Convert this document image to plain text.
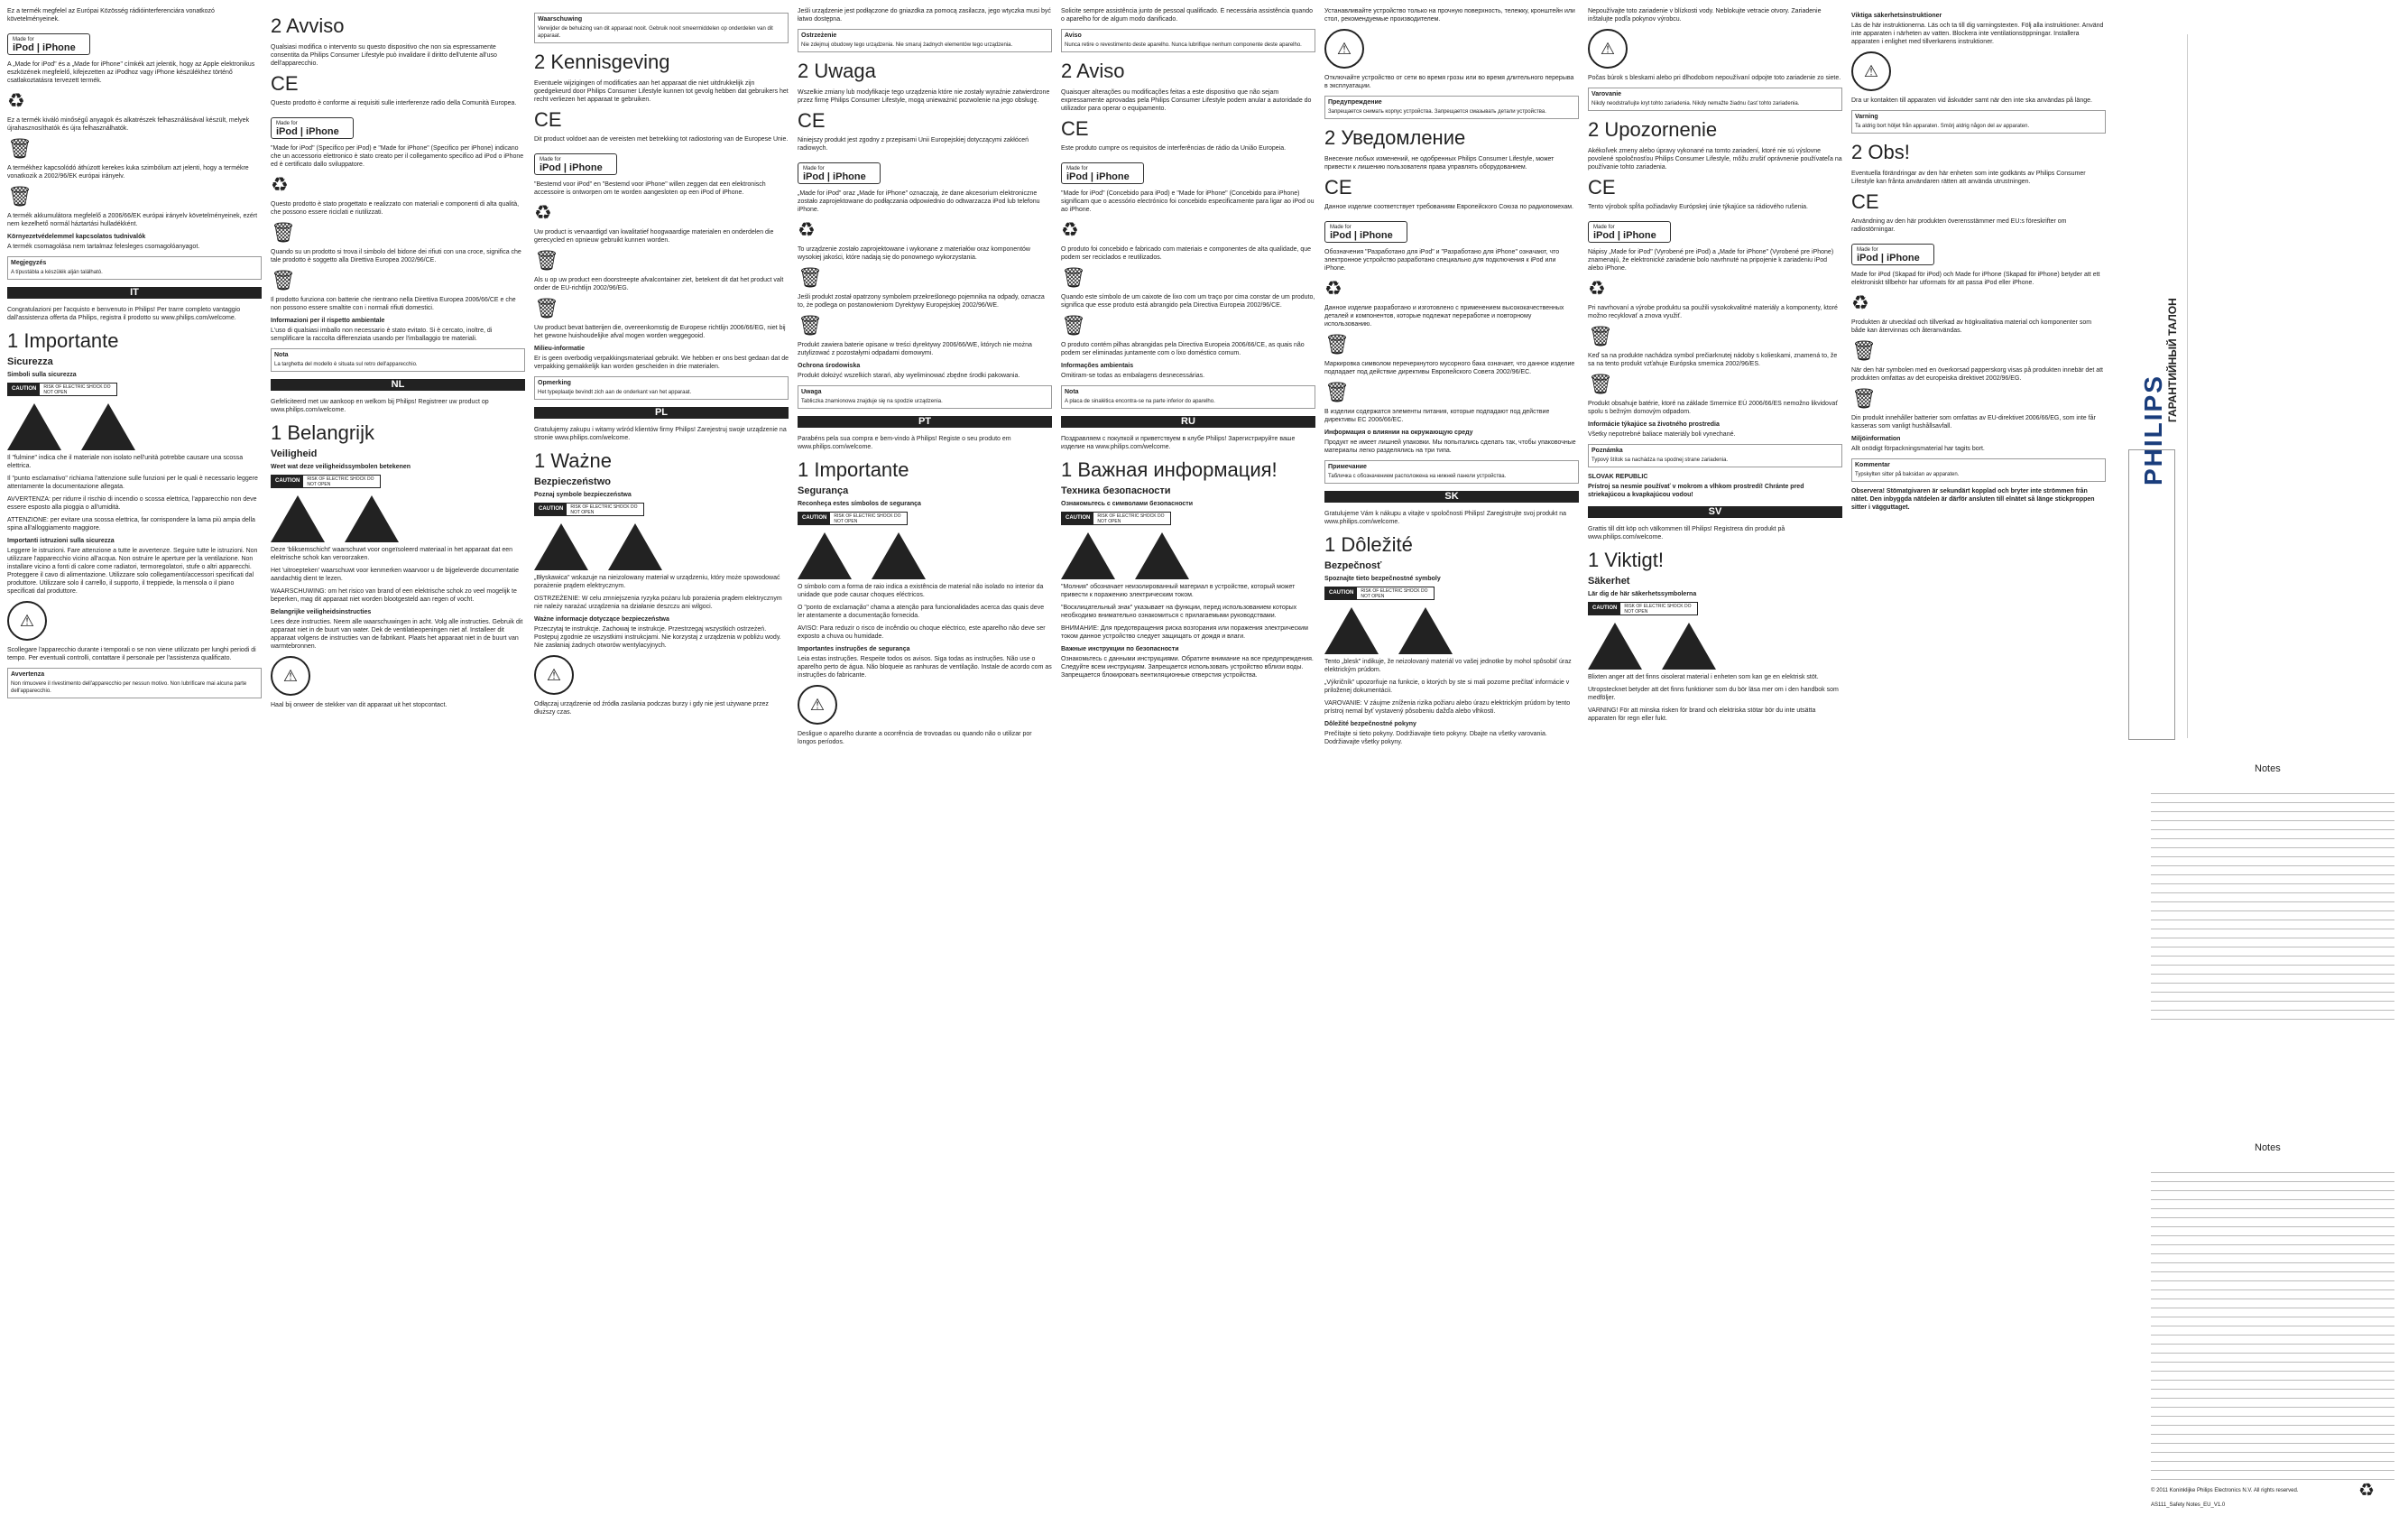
Ez a termék megfelel az Európai Közösség rádióinterferenciára vonatkozó követelményeinek.

Made for
iPod | iPhone

A „Made for iPod" és a „Made for iPhone" címkék azt jelentik, hogy az Apple elektronikus eszközének megfelelő, kifejezetten az iPodhoz vagy iPhone készülékhez történő csatlakoztatásra tervezett termék.

♻

Ez a termék kiváló minőségű anyagok és alkatrészek felhasználásával készült, melyek újrahasznosíthatók és újra felhasználhatók.

🗑

A termékhez kapcsolódó áthúzott kerekes kuka szimbólum azt jelenti, hogy a termékre vonatkozik a 2002/96/EK európai irányelv.

🗑

A termék akkumulátora megfelelő a 2006/66/EK európai irányelv követelményeinek, ezért nem kezelhető normál háztartási hulladékként.

Környezetvédelemmel kapcsolatos tudnivalók

A termék csomagolása nem tartalmaz felesleges csomagolóanyagot.

Megjegyzés
A típustábla a készülék alján található.
IT

Congratulazioni per l'acquisto e benvenuto in Philips! Per trarre completo vantaggio dall'assistenza offerta da Philips, registra il prodotto su www.philips.com/welcome.

1 Importante
Sicurezza
Simboli sulla sicurezza
CAUTION	RISK OF ELECTRIC SHOCK DO NOT OPEN

Il "fulmine" indica che il materiale non isolato nell'unità potrebbe causare una scossa elettrica.

Il "punto esclamativo" richiama l'attenzione sulle funzioni per le quali è necessario leggere attentamente la documentazione allegata.

AVVERTENZA: per ridurre il rischio di incendio o scossa elettrica, l'apparecchio non deve essere esposto alla pioggia o all'umidità.

ATTENZIONE: per evitare una scossa elettrica, far corrispondere la lama più ampia della spina all'alloggiamento maggiore.

Importanti istruzioni sulla sicurezza

Leggere le istruzioni. Fare attenzione a tutte le avvertenze. Seguire tutte le istruzioni. Non utilizzare l'apparecchio vicino all'acqua. Non ostruire le aperture per la ventilazione. Non installare vicino a fonti di calore come radiatori, termoregolatori, stufe o altri apparecchi. Proteggere il cavo di alimentazione. Utilizzare solo collegamenti/accessori specificati dal produttore. Utilizzare solo il carrello, il supporto, il treppiede, la mensola o il piano specificati dal produttore.

⚠

Scollegare l'apparecchio durante i temporali o se non viene utilizzato per lunghi periodi di tempo. Per eventuali controlli, contattare il personale per l'assistenza qualificato.

Avvertenza
Non rimuovere il rivestimento dell'apparecchio per nessun motivo. Non lubrificare mai alcuna parte dell'apparecchio.
2 Avviso

Qualsiasi modifica o intervento su questo dispositivo che non sia espressamente consentita da Philips Consumer Lifestyle può invalidare il diritto dell'utente all'uso dell'apparecchio.

CE

Questo prodotto è conforme ai requisiti sulle interferenze radio della Comunità Europea.

Made for
iPod | iPhone

"Made for iPod" (Specifico per iPod) e "Made for iPhone" (Specifico per iPhone) indicano che un accessorio elettronico è stato creato per il collegamento specifico ad iPod o iPhone ed è certificato dallo sviluppatore.

♻

Questo prodotto è stato progettato e realizzato con materiali e componenti di alta qualità, che possono essere riciclati e riutilizzati.

🗑

Quando su un prodotto si trova il simbolo del bidone dei rifiuti con una croce, significa che tale prodotto è soggetto alla Direttiva Europea 2002/96/CE.

🗑

Il prodotto funziona con batterie che rientrano nella Direttiva Europea 2006/66/CE e che non possono essere smaltite con i normali rifiuti domestici.

Informazioni per il rispetto ambientale

L'uso di qualsiasi imballo non necessario è stato evitato. Si è cercato, inoltre, di semplificare la raccolta differenziata usando per l'imballaggio tre materiali.

Nota
La targhetta del modello è situata sul retro dell'apparecchio.
NL

Gefeliciteerd met uw aankoop en welkom bij Philips! Registreer uw product op www.philips.com/welcome.

1 Belangrijk
Veiligheid
Weet wat deze veiligheidssymbolen betekenen
CAUTION	RISK OF ELECTRIC SHOCK DO NOT OPEN

Deze 'bliksemschicht' waarschuwt voor ongeïsoleerd materiaal in het apparaat dat een elektrische schok kan veroorzaken.

Het 'uitroepteken' waarschuwt voor kenmerken waarvoor u de bijgeleverde documentatie aandachtig dient te lezen.

WAARSCHUWING: om het risico van brand of een elektrische schok zo veel mogelijk te beperken, mag dit apparaat niet worden blootgesteld aan regen of vocht.

Belangrijke veiligheidsinstructies

Lees deze instructies. Neem alle waarschuwingen in acht. Volg alle instructies. Gebruik dit apparaat niet in de buurt van water. Dek de ventilatieopeningen niet af. Installeer dit apparaat volgens de instructies van de fabrikant. Plaats het apparaat niet in de buurt van warmtebronnen.

⚠

Haal bij onweer de stekker van dit apparaat uit het stopcontact.

Waarschuwing
Verwijder de behuizing van dit apparaat nooit. Gebruik nooit smeermiddelen op onderdelen van dit apparaat.
2 Kennisgeving

Eventuele wijzigingen of modificaties aan het apparaat die niet uitdrukkelijk zijn goedgekeurd door Philips Consumer Lifestyle kunnen tot gevolg hebben dat gebruikers het recht verliezen het apparaat te gebruiken.

CE

Dit product voldoet aan de vereisten met betrekking tot radiostoring van de Europese Unie.

Made for
iPod | iPhone

"Bestemd voor iPod" en "Bestemd voor iPhone" willen zeggen dat een elektronisch accessoire is ontworpen om te worden aangesloten op een iPod of iPhone.

♻

Uw product is vervaardigd van kwalitatief hoogwaardige materialen en onderdelen die gerecycled en opnieuw gebruikt kunnen worden.

🗑

Als u op uw product een doorstreepte afvalcontainer ziet, betekent dit dat het product valt onder de EU-richtlijn 2002/96/EG.

🗑

Uw product bevat batterijen die, overeenkomstig de Europese richtlijn 2006/66/EG, niet bij het gewone huishoudelijke afval mogen worden weggegooid.

Milieu-informatie

Er is geen overbodig verpakkingsmateriaal gebruikt. We hebben er ons best gedaan dat de verpakking gemakkelijk kan worden gescheiden in drie materialen.

Opmerking
Het typeplaatje bevindt zich aan de onderkant van het apparaat.
PL

Gratulujemy zakupu i witamy wśród klientów firmy Philips! Zarejestruj swoje urządzenie na stronie www.philips.com/welcome.

1 Ważne
Bezpieczeństwo
Poznaj symbole bezpieczeństwa
CAUTION	RISK OF ELECTRIC SHOCK DO NOT OPEN

„Błyskawica" wskazuje na nieizolowany materiał w urządzeniu, który może spowodować porażenie prądem elektrycznym.

OSTRZEŻENIE: W celu zmniejszenia ryzyka pożaru lub porażenia prądem elektrycznym nie należy narażać urządzenia na działanie deszczu ani wilgoci.

Ważne informacje dotyczące bezpieczeństwa

Przeczytaj te instrukcje. Zachowaj te instrukcje. Przestrzegaj wszystkich ostrzeżeń. Postępuj zgodnie ze wszystkimi instrukcjami. Nie korzystaj z urządzenia w pobliżu wody. Nie zasłaniaj żadnych otworów wentylacyjnych.

⚠

Odłączaj urządzenie od źródła zasilania podczas burzy i gdy nie jest używane przez dłuższy czas.

Jeśli urządzenie jest podłączone do gniazdka za pomocą zasilacza, jego wtyczka musi być łatwo dostępna.

Ostrzeżenie
Nie zdejmuj obudowy tego urządzenia. Nie smaruj żadnych elementów tego urządzenia.
2 Uwaga

Wszelkie zmiany lub modyfikacje tego urządzenia które nie zostały wyraźnie zatwierdzone przez firmę Philips Consumer Lifestyle, mogą unieważnić pozwolenie na jego obsługę.

CE

Niniejszy produkt jest zgodny z przepisami Unii Europejskiej dotyczącymi zakłóceń radiowych.

Made for
iPod | iPhone

„Made for iPod" oraz „Made for iPhone" oznaczają, że dane akcesorium elektroniczne zostało zaprojektowane do podłączania odpowiednio do odtwarzacza iPod lub telefonu iPhone.

♻

To urządzenie zostało zaprojektowane i wykonane z materiałów oraz komponentów wysokiej jakości, które nadają się do ponownego wykorzystania.

🗑

Jeśli produkt został opatrzony symbolem przekreślonego pojemnika na odpady, oznacza to, że podlega on postanowieniom Dyrektywy Europejskiej 2002/96/WE.

🗑

Produkt zawiera baterie opisane w treści dyrektywy 2006/66/WE, których nie można zutylizować z pozostałymi odpadami domowymi.

Ochrona środowiska

Produkt dołożyć wszelkich starań, aby wyeliminować zbędne środki pakowania.

Uwaga
Tabliczka znamionowa znajduje się na spodzie urządzenia.
PT

Parabéns pela sua compra e bem-vindo à Philips! Registe o seu produto em www.philips.com/welcome.

1 Importante
Segurança
Reconheça estes símbolos de segurança
CAUTION	RISK OF ELECTRIC SHOCK DO NOT OPEN

O símbolo com a forma de raio indica a existência de material não isolado no interior da unidade que pode causar choques eléctricos.

O "ponto de exclamação" chama a atenção para funcionalidades acerca das quais deve ler atentamente a documentação fornecida.

AVISO: Para reduzir o risco de incêndio ou choque eléctrico, este aparelho não deve ser exposto a chuva ou humidade.

Importantes instruções de segurança

Leia estas instruções. Respeite todos os avisos. Siga todas as instruções. Não use o aparelho perto de água. Não bloqueie as ranhuras de ventilação. Instale de acordo com as instruções do fabricante.

⚠

Desligue o aparelho durante a ocorrência de trovoadas ou quando não o utilizar por longos períodos.

Solicite sempre assistência junto de pessoal qualificado. É necessária assistência quando o aparelho for de algum modo danificado.

Aviso
Nunca retire o revestimento deste aparelho. Nunca lubrifique nenhum componente deste aparelho.
2 Aviso

Quaisquer alterações ou modificações feitas a este dispositivo que não sejam expressamente aprovadas pela Philips Consumer Lifestyle podem anular a autoridade do utilizador para operar o equipamento.

CE

Este produto cumpre os requisitos de interferências de rádio da União Europeia.

Made for
iPod | iPhone

"Made for iPod" (Concebido para iPod) e "Made for iPhone" (Concebido para iPhone) significam que o acessório electrónico foi concebido especificamente para ligar ao iPod ou ao iPhone.

♻

O produto foi concebido e fabricado com materiais e componentes de alta qualidade, que podem ser reciclados e reutilizados.

🗑

Quando este símbolo de um caixote de lixo com um traço por cima constar de um produto, significa que esse produto está abrangido pela Directiva Europeia 2002/96/CE.

🗑

O produto contém pilhas abrangidas pela Directiva Europeia 2006/66/CE, as quais não podem ser eliminadas juntamente com o lixo doméstico comum.

Informações ambientais

Omitiram-se todas as embalagens desnecessárias.

Nota
A placa de sinalética encontra-se na parte inferior do aparelho.
RU

Поздравляем с покупкой и приветствуем в клубе Philips! Зарегистрируйте ваше изделие на www.philips.com/welcome.

1 Важная информация!
Техника безопасности
Ознакомьтесь с символами безопасности
CAUTION	RISK OF ELECTRIC SHOCK DO NOT OPEN

"Молния" обозначает неизолированный материал в устройстве, который может привести к поражению электрическим током.

"Восклицательный знак" указывает на функции, перед использованием которых необходимо внимательно ознакомиться с прилагаемыми руководствами.

ВНИМАНИЕ: Для предотвращения риска возгорания или поражения электрическим током данное устройство следует защищать от дождя и влаги.

Важные инструкции по безопасности

Ознакомьтесь с данными инструкциями. Обратите внимание на все предупреждения. Следуйте всем инструкциям. Запрещается использовать устройство вблизи воды. Запрещается блокировать вентиляционные отверстия устройства.

Устанавливайте устройство только на прочную поверхность, тележку, кронштейн или стол, рекомендуемые производителем.

⚠

Отключайте устройство от сети во время грозы или во время длительного перерыва в эксплуатации.

Предупреждение
Запрещается снимать корпус устройства. Запрещается смазывать детали устройства.
2 Уведомление

Внесение любых изменений, не одобренных Philips Consumer Lifestyle, может привести к лишению пользователя права управлять оборудованием.

CE

Данное изделие соответствует требованиям Европейского Союза по радиопомехам.

Made for
iPod | iPhone

Обозначения "Разработано для iPod" и "Разработано для iPhone" означают, что электронное устройство разработано специально для подключения к iPod или iPhone.

♻

Данное изделие разработано и изготовлено с применением высококачественных деталей и компонентов, которые подлежат переработке и повторному использованию.

🗑

Маркировка символом перечеркнутого мусорного бака означает, что данное изделие подпадает под действие директивы Европейского Совета 2002/96/EC.

🗑

В изделии содержатся элементы питания, которые подпадают под действие директивы ЕС 2006/66/EC.

Информация о влиянии на окружающую среду

Продукт не имеет лишней упаковки. Мы попытались сделать так, чтобы упаковочные материалы легко разделялись на три типа.

Примечание
Табличка с обозначением расположена на нижней панели устройства.
SK

Gratulujeme Vám k nákupu a vitajte v spoločnosti Philips! Zaregistrujte svoj produkt na www.philips.com/welcome.

1 Dôležité
Bezpečnosť
Spoznajte tieto bezpečnostné symboly
CAUTION	RISK OF ELECTRIC SHOCK DO NOT OPEN

Tento „blesk" indikuje, že neizolovaný materiál vo vašej jednotke by mohol spôsobiť úraz elektrickým prúdom.

„Výkričník" upozorňuje na funkcie, o ktorých by ste si mali pozorne prečítať informácie v priloženej dokumentácii.

VAROVANIE: V záujme zníženia rizika požiaru alebo úrazu elektrickým prúdom by tento prístroj nemal byť vystavený pôsobeniu dažďa alebo vlhkosti.

Dôležité bezpečnostné pokyny

Prečítajte si tieto pokyny. Dodržiavajte tieto pokyny. Dbajte na všetky varovania. Dodržiavajte všetky pokyny.

Nepoužívajte toto zariadenie v blízkosti vody. Neblokujte vetracie otvory. Zariadenie inštalujte podľa pokynov výrobcu.

⚠

Počas búrok s bleskami alebo pri dlhodobom nepoužívaní odpojte toto zariadenie zo siete.

Varovanie
Nikdy neodstraňujte kryt tohto zariadenia. Nikdy nemažte žiadnu časť tohto zariadenia.
2 Upozornenie

Akékoľvek zmeny alebo úpravy vykonané na tomto zariadení, ktoré nie sú výslovne povolené spoločnosťou Philips Consumer Lifestyle, môžu zrušiť oprávnenie používateľa na používanie tohto zariadenia.

CE

Tento výrobok spĺňa požiadavky Európskej únie týkajúce sa rádiového rušenia.

Made for
iPod | iPhone

Nápisy „Made for iPod" (Vyrobené pre iPod) a „Made for iPhone" (Vyrobené pre iPhone) znamenajú, že elektronické zariadenie bolo navrhnuté na pripojenie k zariadeniu iPod alebo iPhone.

♻

Pri navrhovaní a výrobe produktu sa použili vysokokvalitné materiály a komponenty, ktoré možno recyklovať a znova využiť.

🗑

Keď sa na produkte nachádza symbol prečiarknutej nádoby s kolieskami, znamená to, že sa na tento produkt vzťahuje Európska smernica 2002/96/ES.

🗑

Produkt obsahuje batérie, ktoré na základe Smernice EÚ 2006/66/ES nemožno likvidovať spolu s bežným domovým odpadom.

Informácie týkajúce sa životného prostredia

Všetky nepotrebné baliace materiály boli vynechané.

Poznámka
Typový štítok sa nachádza na spodnej strane zariadenia.
SLOVAK REPUBLIC

Prístroj sa nesmie používať v mokrom a vlhkom prostredí! Chránte pred striekajúcou a kvapkajúcou vodou!

SV

Grattis till ditt köp och välkommen till Philips! Registrera din produkt på www.philips.com/welcome.

1 Viktigt!
Säkerhet
Lär dig de här säkerhetssymbolerna
CAUTION	RISK OF ELECTRIC SHOCK DO NOT OPEN

Blixten anger att det finns oisolerat material i enheten som kan ge en elektrisk stöt.

Utropstecknet betyder att det finns funktioner som du bör läsa mer om i den handbok som medföljer.

VARNING! För att minska risken för brand och elektriska stötar bör du inte utsätta apparaten för regn eller fukt.

Viktiga säkerhetsinstruktioner

Läs de här instruktionerna. Läs och ta till dig varningstexten. Följ alla instruktioner. Använd inte apparaten i närheten av vatten. Blockera inte ventilationsöppningar. Installera apparaten i enlighet med tillverkarens instruktioner.

⚠

Dra ur kontakten till apparaten vid åskväder samt när den inte ska användas på länge.

Varning
Ta aldrig bort höljet från apparaten. Smörj aldrig någon del av apparaten.
2 Obs!

Eventuella förändringar av den här enheten som inte godkänts av Philips Consumer Lifestyle kan frånta användaren rätten att använda utrustningen.

CE

Användning av den här produkten överensstämmer med EU:s föreskrifter om radiostörningar.

Made for
iPod | iPhone

Made for iPod (Skapad för iPod) och Made for iPhone (Skapad för iPhone) betyder att ett elektroniskt tillbehör har utformats för att passa iPod eller iPhone.

♻

Produkten är utvecklad och tillverkad av högkvalitativa material och komponenter som både kan återvinnas och återanvändas.

🗑

När den här symbolen med en överkorsad papperskorg visas på produkten innebär det att produkten omfattas av det europeiska direktivet 2002/96/EG.

🗑

Din produkt innehåller batterier som omfattas av EU-direktivet 2006/66/EG, som inte får kasseras som vanligt hushållsavfall.

Miljöinformation

Allt onödigt förpackningsmaterial har tagits bort.

Kommentar
Typskylten sitter på baksidan av apparaten.

Observera! Stömatgivaren är sekundärt kopplad och bryter inte strömmen från nätet. Den inbyggda nätdelen är därför ansluten till elnätet så länge stickproppen sitter i vägguttaget.

PHILIPS
ГАРАНТИЙНЫЙ ТАЛОН
Notes
Notes
© 2011 Koninklijke Philips Electronics N.V. All rights reserved.
AS111_Safety Notes_EU_V1.0
♻
